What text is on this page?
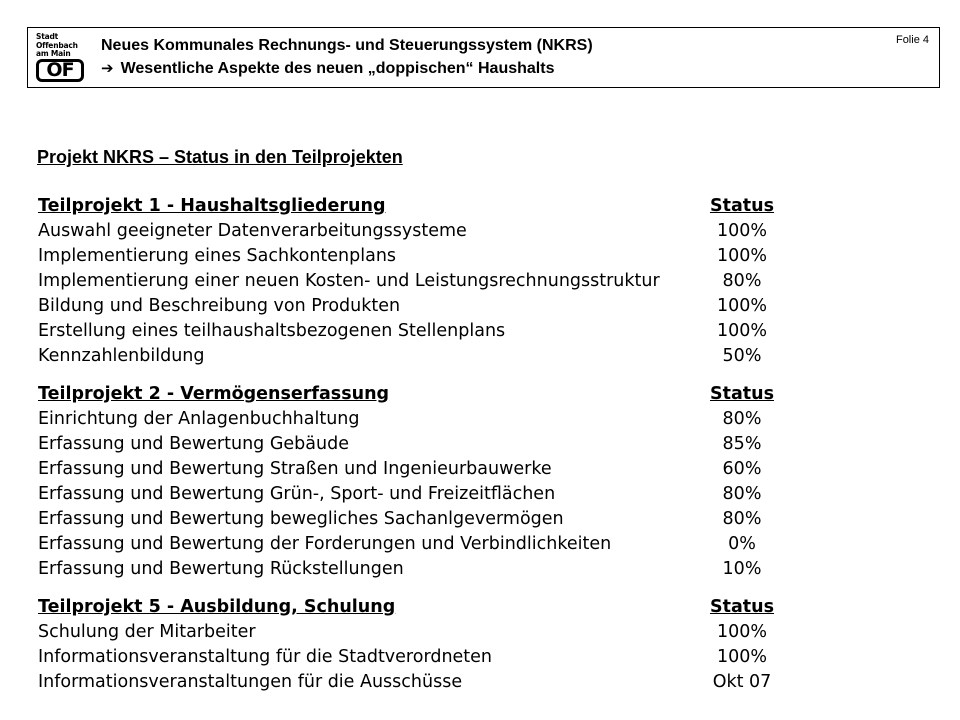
Stadt
Offenbach
am Main
OF
Neues Kommunales Rechnungs- und Steuerungssystem (NKRS)
➔ Wesentliche Aspekte des neuen „doppischen“ Haushalts
Folie 4
Projekt NKRS – Status in den Teilprojekten
Teilprojekt 1 - Haushaltsgliederung	Status
Auswahl geeigneter Datenverarbeitungssysteme	100%
Implementierung eines Sachkontenplans	100%
Implementierung einer neuen Kosten- und Leistungsrechnungsstruktur	80%
Bildung und Beschreibung von Produkten	100%
Erstellung eines teilhaushaltsbezogenen Stellenplans	100%
Kennzahlenbildung	50%
Teilprojekt 2 - Vermögenserfassung	Status
Einrichtung der Anlagenbuchhaltung	80%
Erfassung und Bewertung Gebäude	85%
Erfassung und Bewertung Straßen und Ingenieurbauwerke	60%
Erfassung und Bewertung Grün-, Sport- und Freizeitflächen	80%
Erfassung und Bewertung bewegliches Sachanlgevermögen	80%
Erfassung und Bewertung der Forderungen und Verbindlichkeiten	0%
Erfassung und Bewertung Rückstellungen	10%
Teilprojekt 5 - Ausbildung, Schulung	Status
Schulung der Mitarbeiter	100%
Informationsveranstaltung für die Stadtverordneten	100%
Informationsveranstaltungen für die Ausschüsse	Okt 07
